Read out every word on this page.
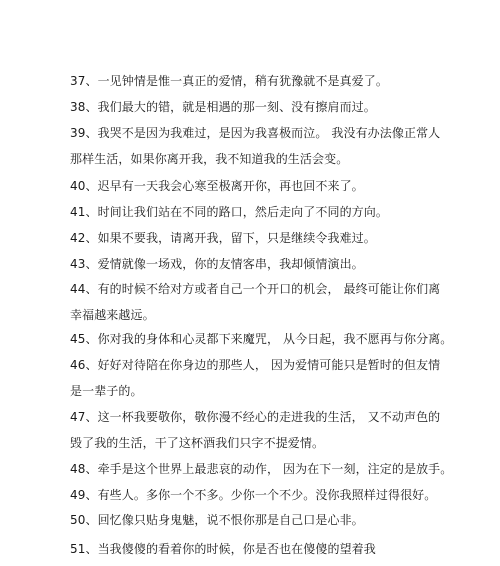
37、一见钟情是惟一真正的爱情，稍有犹豫就不是真爱了。

38、我们最大的错，就是相遇的那一刻、没有擦肩而过。

39、我哭不是因为我难过，是因为我喜极而泣。 我没有办法像正常人
那样生活，如果你离开我，我不知道我的生活会变。

40、迟早有一天我会心寒至极离开你，再也回不来了。

41、时间让我们站在不同的路口，然后走向了不同的方向。

42、如果不要我，请离开我，留下，只是继续令我难过。

43、爱情就像一场戏，你的友情客串，我却倾情演出。

44、有的时候不给对方或者自己一个开口的机会， 最终可能让你们离
幸福越来越远。

45、你对我的身体和心灵都下来魔咒， 从今日起，我不愿再与你分离。

46、好好对待陪在你身边的那些人， 因为爱情可能只是暂时的但友情
是一辈子的。

47、这一杯我要敬你，敬你漫不经心的走进我的生活， 又不动声色的
毁了我的生活，干了这杯酒我们只字不提爱情。

48、牵手是这个世界上最悲哀的动作， 因为在下一刻，注定的是放手。

49、有些人。多你一个不多。少你一个不少。没你我照样过得很好。

50、回忆像只贴身鬼魅，说不恨你那是自己口是心非。

51、当我傻傻的看着你的时候，你是否也在傻傻的望着我
